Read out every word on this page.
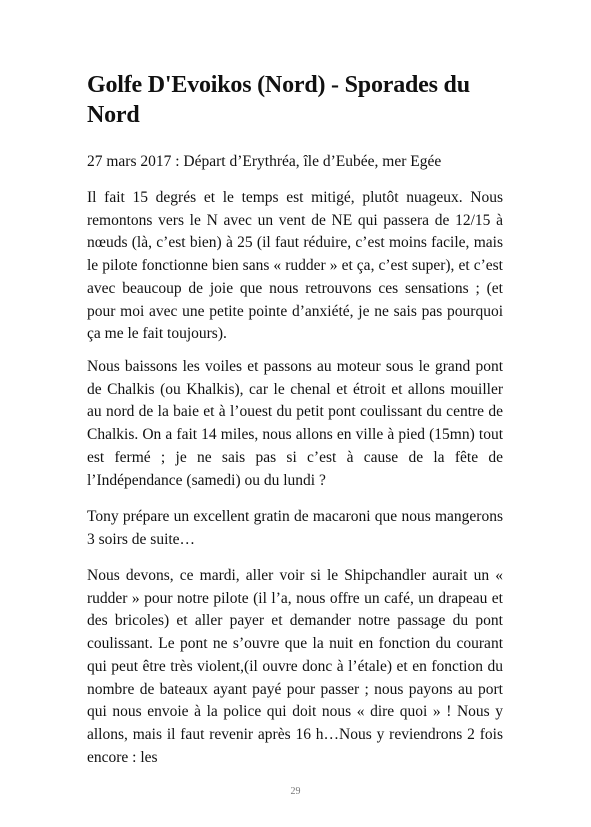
Golfe D'Evoikos (Nord) - Sporades du Nord

27 mars 2017 : Départ d’Erythréa, île d’Eubée, mer Egée

Il fait 15 degrés et le temps est mitigé, plutôt nuageux. Nous remontons vers le N avec un vent de NE qui passera de 12/15 à nœuds (là, c’est bien) à 25 (il faut réduire, c’est moins facile, mais le pilote fonctionne bien sans « rudder » et ça, c’est super), et c’est avec beaucoup de joie que nous retrouvons ces sensations ; (et pour moi avec une petite pointe d’anxiété, je ne sais pas pourquoi ça me le fait toujours).

Nous baissons les voiles et passons au moteur sous le grand pont de Chalkis (ou Khalkis), car le chenal et étroit et allons mouiller au nord de la baie et à l’ouest du petit pont coulissant du centre de Chalkis. On a fait 14 miles, nous allons en ville à pied (15mn) tout est fermé ; je ne sais pas si c’est à cause de la fête de l’Indépendance (samedi) ou du lundi ?

Tony prépare un excellent gratin de macaroni que nous mangerons 3 soirs de suite…

Nous devons, ce mardi, aller voir si le Shipchandler aurait un « rudder » pour notre pilote (il l’a, nous offre un café, un drapeau et des bricoles) et aller payer et demander notre passage du pont coulissant. Le pont ne s’ouvre que la nuit en fonction du courant qui peut être très violent,(il ouvre donc à l’étale) et en fonction du nombre de bateaux ayant payé pour passer ; nous payons au port qui nous envoie à la police qui doit nous « dire quoi » ! Nous y allons, mais il faut revenir après 16 h…Nous y reviendrons 2 fois encore : les

29
